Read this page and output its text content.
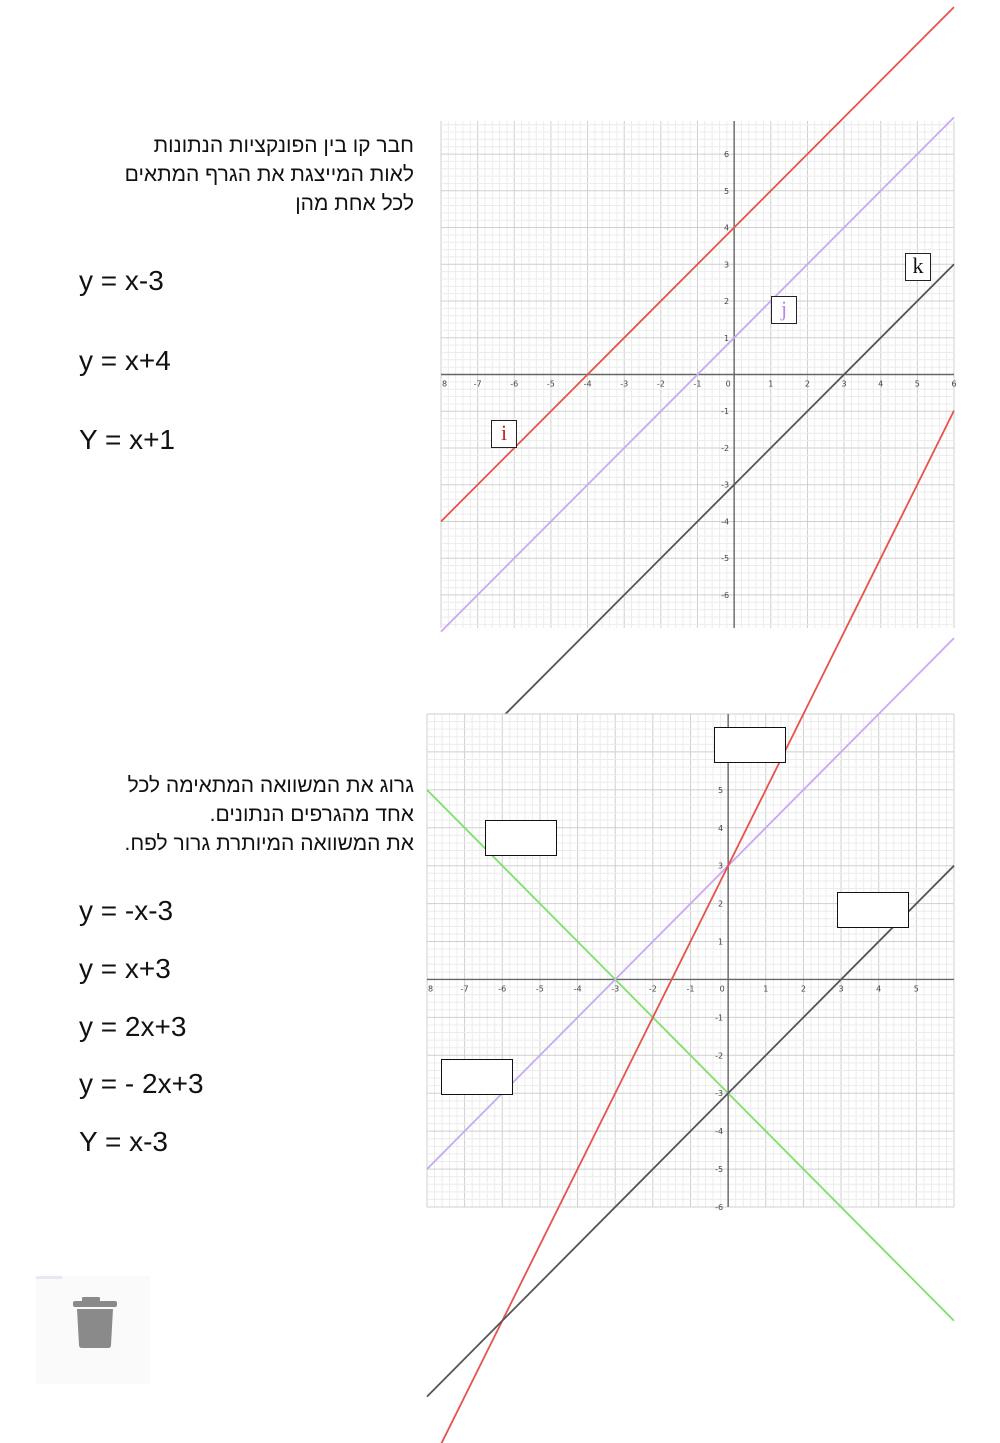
חבר קו בין הפונקציות הנתונות
לאות המייצגת את הגרף המתאים
לכל אחת מהן
y = x-3
y = x+4
Y = x+1
8	-7	-6	-5	-4	-3	-2	-1	0	1	2	3	4	5	6
6
5
4
3
2
1
-1
-2
-3
-4
-5
-6
i
j
k
גרוג את המשוואה המתאימה לכל
אחד מהגרפים הנתונים.
את המשוואה המיותרת גרור לפח.
y = -x-3
y = x+3
y = 2x+3
y = - 2x+3
Y = x-3
8	-7	-6	-5	-4	-3	-2	-1	0	1	2	3	4	5
5
4
3
2
1
-1
-2
-3
-4
-5
-6
